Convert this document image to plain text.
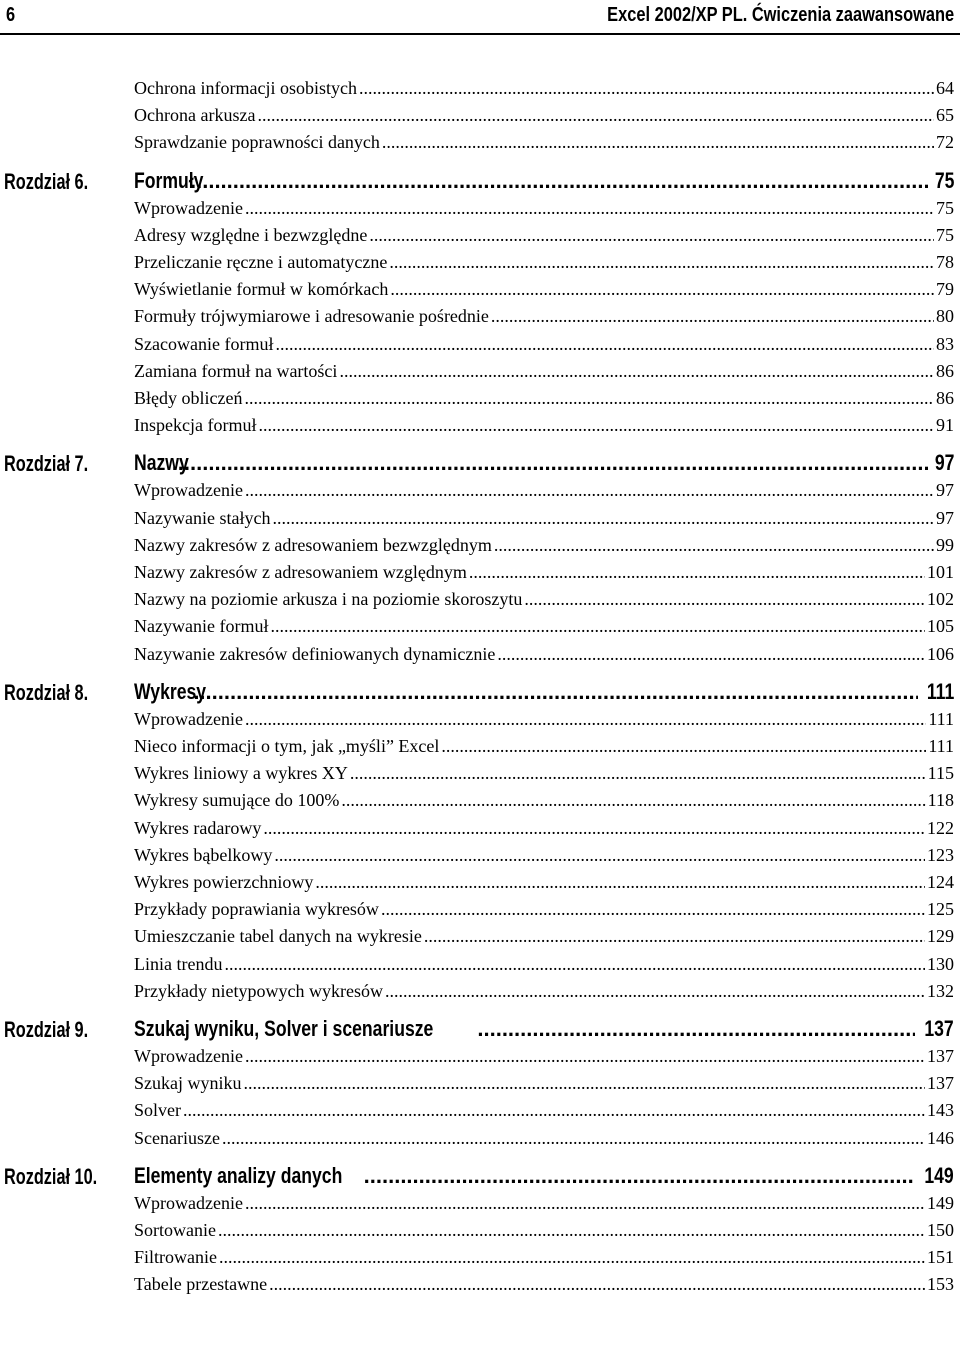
6	Excel 2002/XP PL. Ćwiczenia zaawansowane
Ochrona informacji osobistych .....	64
Ochrona arkusza .....	65
Sprawdzanie poprawności danych .....	72
Rozdział 6. Formuły .....	75
Wprowadzenie .....	75
Adresy względne i bezwzględne .....	75
Przeliczanie ręczne i automatyczne .....	78
Wyświetlanie formuł w komórkach .....	79
Formuły trójwymiarowe i adresowanie pośrednie .....	80
Szacowanie formuł .....	83
Zamiana formuł na wartości .....	86
Błędy obliczeń .....	86
Inspekcja formuł .....	91
Rozdział 7. Nazwy .....	97
Wprowadzenie .....	97
Nazywanie stałych .....	97
Nazwy zakresów z adresowaniem bezwzględnym .....	99
Nazwy zakresów z adresowaniem względnym .....	101
Nazwy na poziomie arkusza i na poziomie skoroszytu .....	102
Nazywanie formuł .....	105
Nazywanie zakresów definiowanych dynamicznie .....	106
Rozdział 8. Wykresy .....	111
Wprowadzenie .....	111
Nieco informacji o tym, jak „myśli” Excel .....	111
Wykres liniowy a wykres XY .....	115
Wykresy sumujące do 100% .....	118
Wykres radarowy .....	122
Wykres bąbelkowy .....	123
Wykres powierzchniowy .....	124
Przykłady poprawiania wykresów .....	125
Umieszczanie tabel danych na wykresie .....	129
Linia trendu .....	130
Przykłady nietypowych wykresów .....	132
Rozdział 9. Szukaj wyniku, Solver i scenariusze .....	137
Wprowadzenie .....	137
Szukaj wyniku .....	137
Solver .....	143
Scenariusze .....	146
Rozdział 10. Elementy analizy danych .....	149
Wprowadzenie .....	149
Sortowanie .....	150
Filtrowanie .....	151
Tabele przestawne .....	153
